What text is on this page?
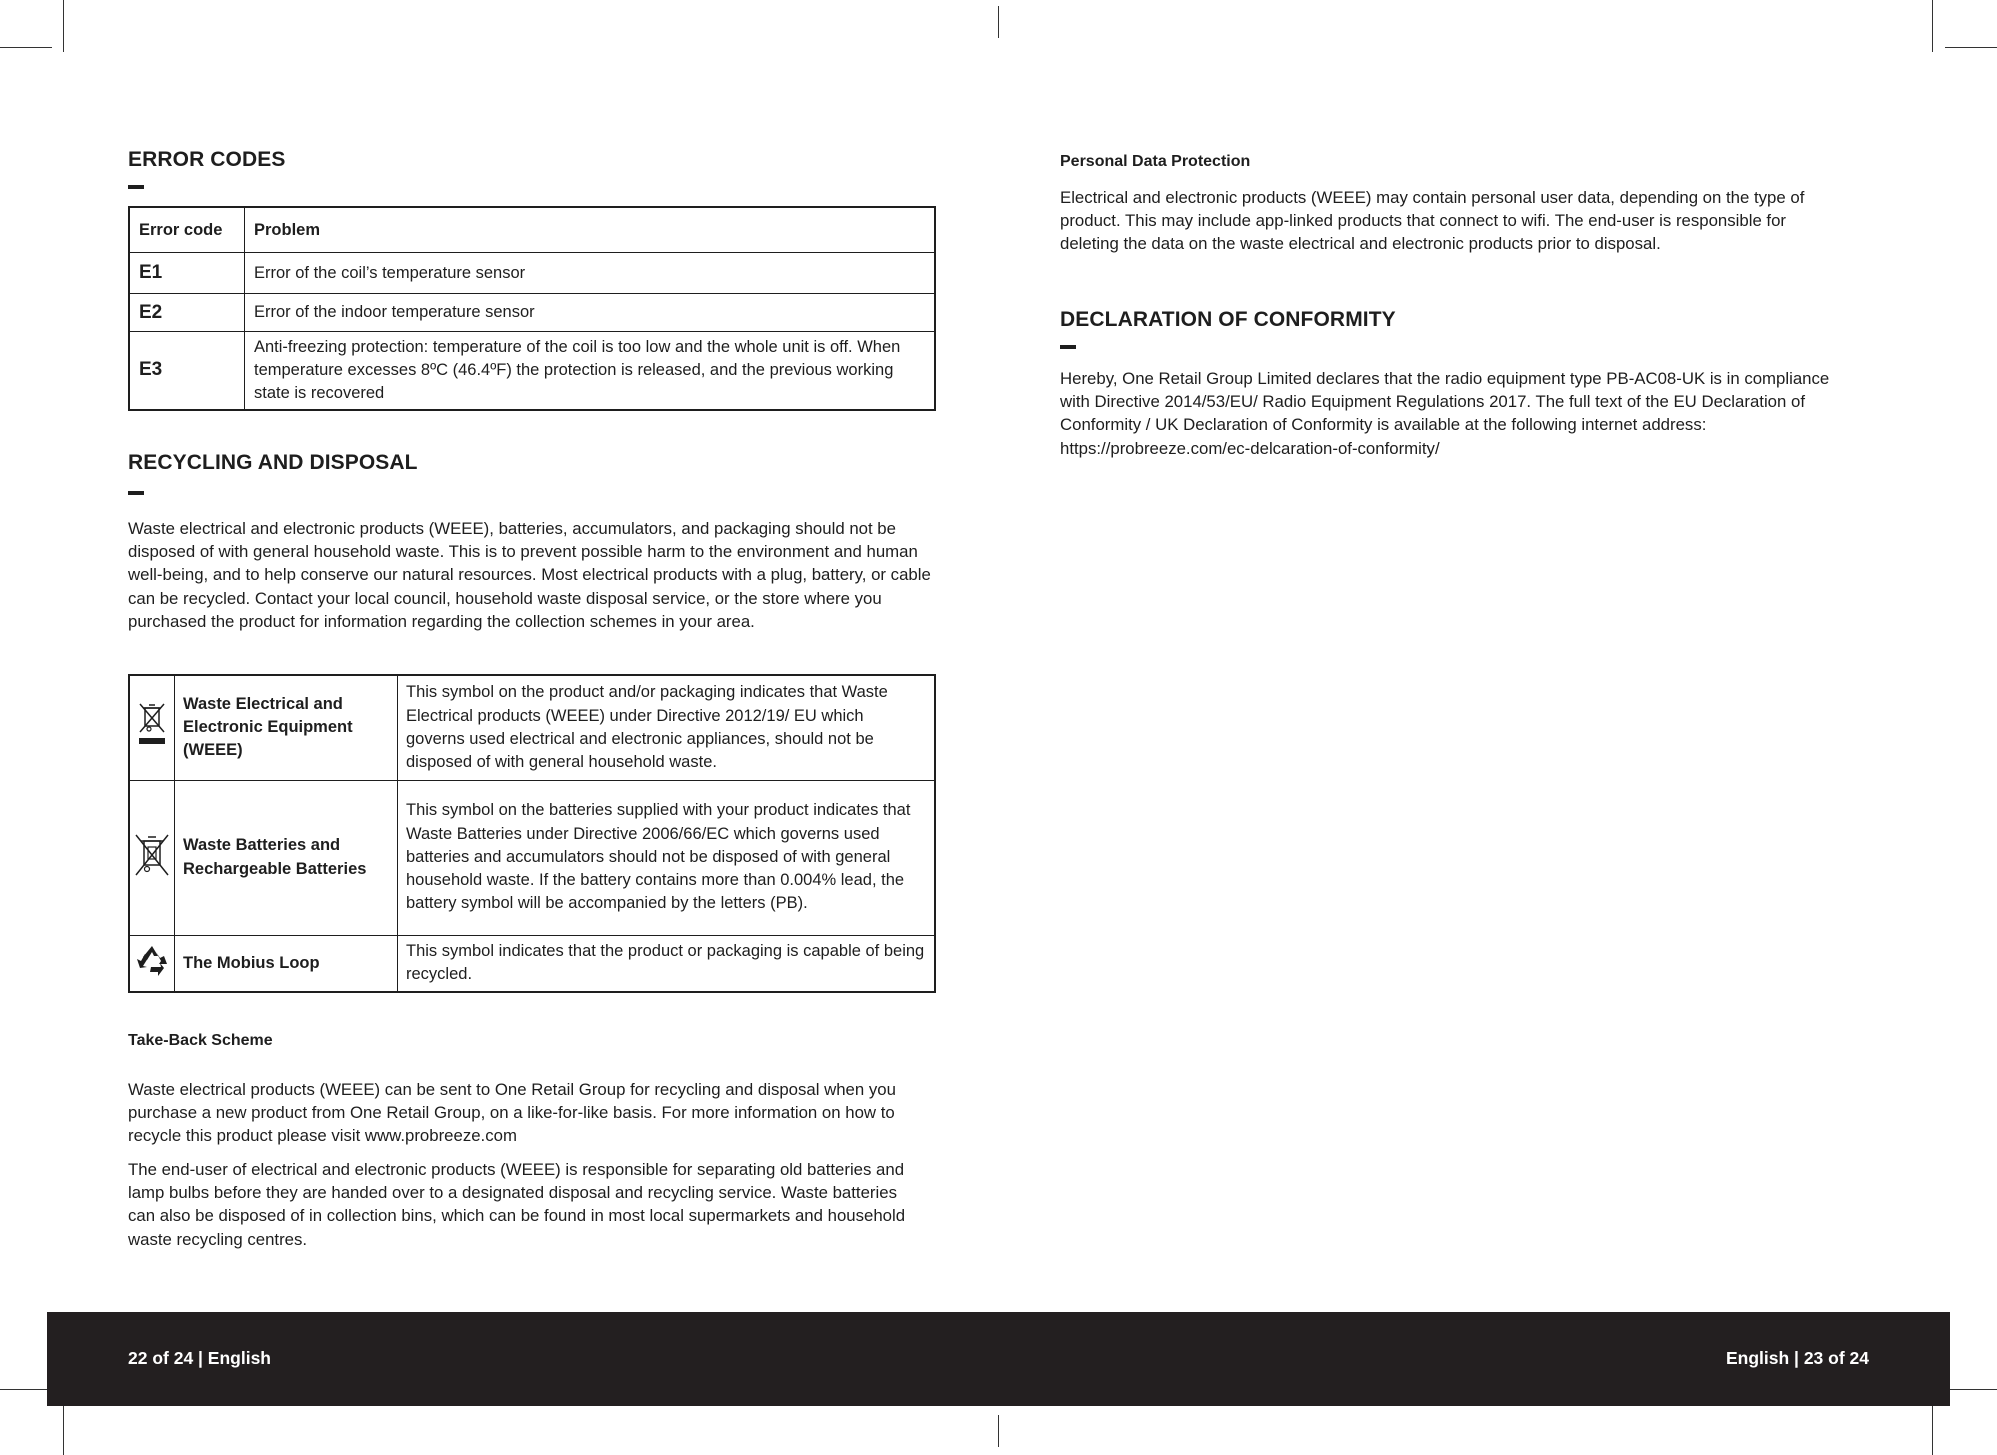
ERROR CODES
Error code	Problem
E1	Error of the coil’s temperature sensor
E2	Error of the indoor temperature sensor
E3	Anti-freezing protection: temperature of the coil is too low and the whole unit is off. When temperature excesses 8ºC (46.4ºF) the protection is released, and the previous working state is recovered
RECYCLING AND DISPOSAL

Waste electrical and electronic products (WEEE), batteries, accumulators, and packaging should not be disposed of with general household waste. This is to prevent possible harm to the environment and human well-being, and to help conserve our natural resources. Most electrical products with a plug, battery, or cable can be recycled. Contact your local council, household waste disposal service, or the store where you purchased the product for information regarding the collection schemes in your area.

	Waste Electrical and Electronic Equipment (WEEE)	This symbol on the product and/or packaging indicates that Waste Electrical products (WEEE) under Directive 2012/19/ EU which governs used electrical and electronic appliances, should not be disposed of with general household waste.
	Waste Batteries and Rechargeable Batteries	This symbol on the batteries supplied with your product indicates that Waste Batteries under Directive 2006/66/EC which governs used batteries and accumulators should not be disposed of with general household waste. If the battery contains more than 0.004% lead, the battery symbol will be accompanied by the letters (PB).
	The Mobius Loop	This symbol indicates that the product or packaging is capable of being recycled.
Take-Back Scheme

Waste electrical products (WEEE) can be sent to One Retail Group for recycling and disposal when you purchase a new product from One Retail Group, on a like-for-like basis. For more information on how to recycle this product please visit www.probreeze.com

The end-user of electrical and electronic products (WEEE) is responsible for separating old batteries and lamp bulbs before they are handed over to a designated disposal and recycling service. Waste batteries can also be disposed of in collection bins, which can be found in most local supermarkets and household waste recycling centres.

Personal Data Protection

Electrical and electronic products (WEEE) may contain personal user data, depending on the type of product. This may include app-linked products that connect to wifi. The end-user is responsible for deleting the data on the waste electrical and electronic products prior to disposal.

DECLARATION OF CONFORMITY

Hereby, One Retail Group Limited declares that the radio equipment type PB-AC08-UK is in compliance with Directive 2014/53/EU/ Radio Equipment Regulations 2017. The full text of the EU Declaration of Conformity / UK Declaration of Conformity is available at the following internet address: https://probreeze.com/ec-delcaration-of-conformity/

22 of 24 | English	English | 23 of 24
